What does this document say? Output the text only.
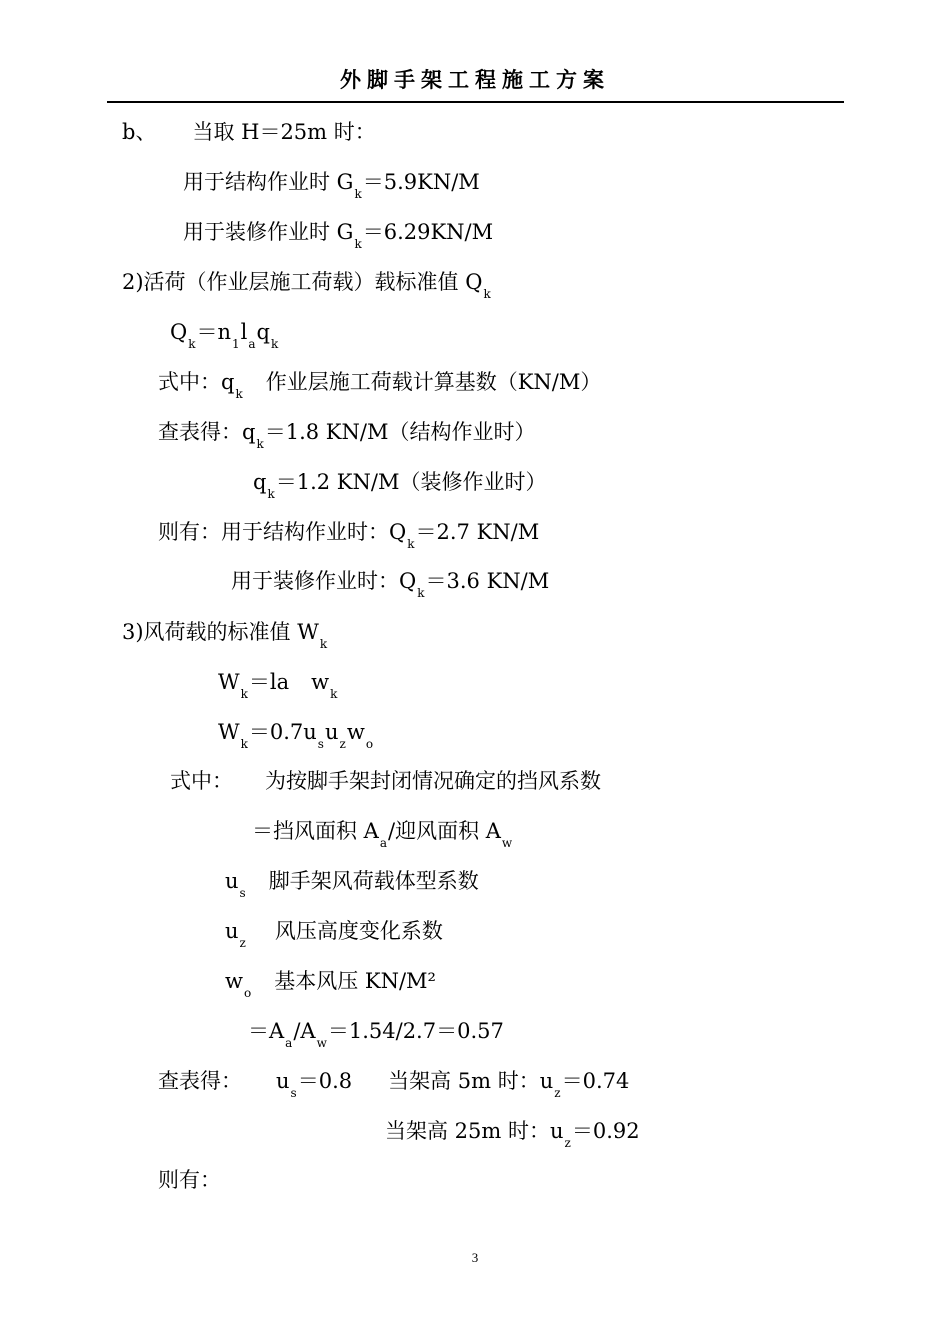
外脚手架工程施工方案
b、 当取 H＝25m 时：
用于结构作业时 $G_k=5.9KN/M$
用于装修作业时 $G_k=6.29KN/M$
2)活荷（作业层施工荷载）载标准值 $Q_k$
$Q_k=n_1l_aq_k$
式中：$q_k$ 作业层施工荷载计算基数（KN/M）
查表得：$q_k=1.8$ KN/M（结构作业时）
$q_k=1.2$ KN/M（装修作业时）
则有：用于结构作业时：$Q_k=2.7$ KN/M
用于装修作业时：$Q_k=3.6$ KN/M
3)风荷载的标准值 $W_k$
$W_k=la$ $w_k$
$W_k=0.7u_su_zw_o$
式中： 为按脚手架封闭情况确定的挡风系数
＝挡风面积 $A_a/$迎风面积 $A_w$
$u_s$ 脚手架风荷载体型系数
$u_z$ 风压高度变化系数
$w_o$ 基本风压 KN/M²
$=A_a/A_w=1.54/2.7=0.57$
查表得： $u_s=0.8$ 当架高 5m 时：$u_z=0.74$
当架高 25m 时：$u_z=0.92$
则有：
3
